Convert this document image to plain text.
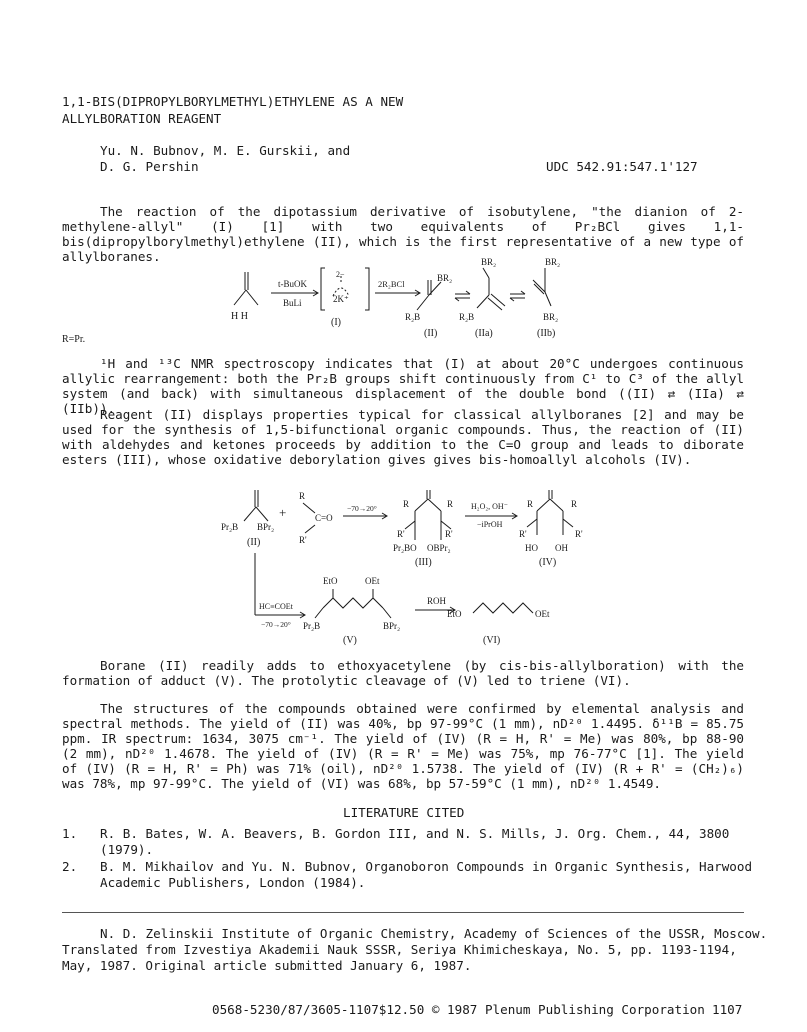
1,1-BIS(DIPROPYLBORYLMETHYL)ETHYLENE AS A NEW
ALLYLBORATION REAGENT
Yu. N. Bubnov, M. E. Gurskii, and
D. G. Pershin	UDC 542.91:547.1'127
The reaction of the dipotassium derivative of isobutylene, "the dianion of 2-methylene-allyl" (I) [1] with two equivalents of Pr₂BCl gives 1,1-bis(dipropylborylmethyl)ethylene (II), which is the first representative of a new type of allylboranes.
H H
t-BuOK
BuLi
2−
2K⁺
(I)
2R₂BCl
BR₂
R₂B
(II)
BR₂
R₂B
(IIa)
BR₂
BR₂
(IIb)
R=Pr.
¹H and ¹³C NMR spectroscopy indicates that (I) at about 20°C undergoes continuous allylic rearrangement: both the Pr₂B groups shift continuously from C¹ to C³ of the allyl system (and back) with simultaneous displacement of the double bond ((II) ⇄ (IIa) ⇄ (IIb)).
Reagent (II) displays properties typical for classical allylboranes [2] and may be used for the synthesis of 1,5-bifunctional organic compounds. Thus, the reaction of (II) with aldehydes and ketones proceeds by addition to the C=O group and leads to diborate esters (III), whose oxidative deborylation gives gives bis-homoallyl alcohols (IV).
Pr₂B BPr₂
(II)
+
R
C=O
R'
−70→20°	R	R
R'	R'
Pr₂BO OBPr₂
(III)
H₂O₂, OH⁻
−iPrOH
R	R
R'	R'
HO OH
(IV)
HC≡COEt
−70→20°
EtO	OEt
Pr₂B	BPr₂
(V)
ROH
EtO	OEt
(VI)
Borane (II) readily adds to ethoxyacetylene (by cis-bis-allylboration) with the formation of adduct (V). The protolytic cleavage of (V) led to triene (VI).
The structures of the compounds obtained were confirmed by elemental analysis and spectral methods. The yield of (II) was 40%, bp 97-99°C (1 mm), nD²⁰ 1.4495. δ¹¹B = 85.75 ppm. IR spectrum: 1634, 3075 cm⁻¹. The yield of (IV) (R = H, R' = Me) was 80%, bp 88-90 (2 mm), nD²⁰ 1.4678. The yield of (IV) (R = R' = Me) was 75%, mp 76-77°C [1]. The yield of (IV) (R = H, R' = Ph) was 71% (oil), nD²⁰ 1.5738. The yield of (IV) (R + R' = (CH₂)₆) was 78%, mp 97-99°C. The yield of (VI) was 68%, bp 57-59°C (1 mm), nD²⁰ 1.4549.
LITERATURE CITED
1. R. B. Bates, W. A. Beavers, B. Gordon III, and N. S. Mills, J. Org. Chem., 44, 3800
(1979).
2. B. M. Mikhailov and Yu. N. Bubnov, Organoboron Compounds in Organic Synthesis, Harwood
Academic Publishers, London (1984).
N. D. Zelinskii Institute of Organic Chemistry, Academy of Sciences of the USSR, Moscow.
Translated from Izvestiya Akademii Nauk SSSR, Seriya Khimicheskaya, No. 5, pp. 1193-1194,
May, 1987. Original article submitted January 6, 1987.
0568-5230/87/3605-1107$12.50 © 1987 Plenum Publishing Corporation 1107
